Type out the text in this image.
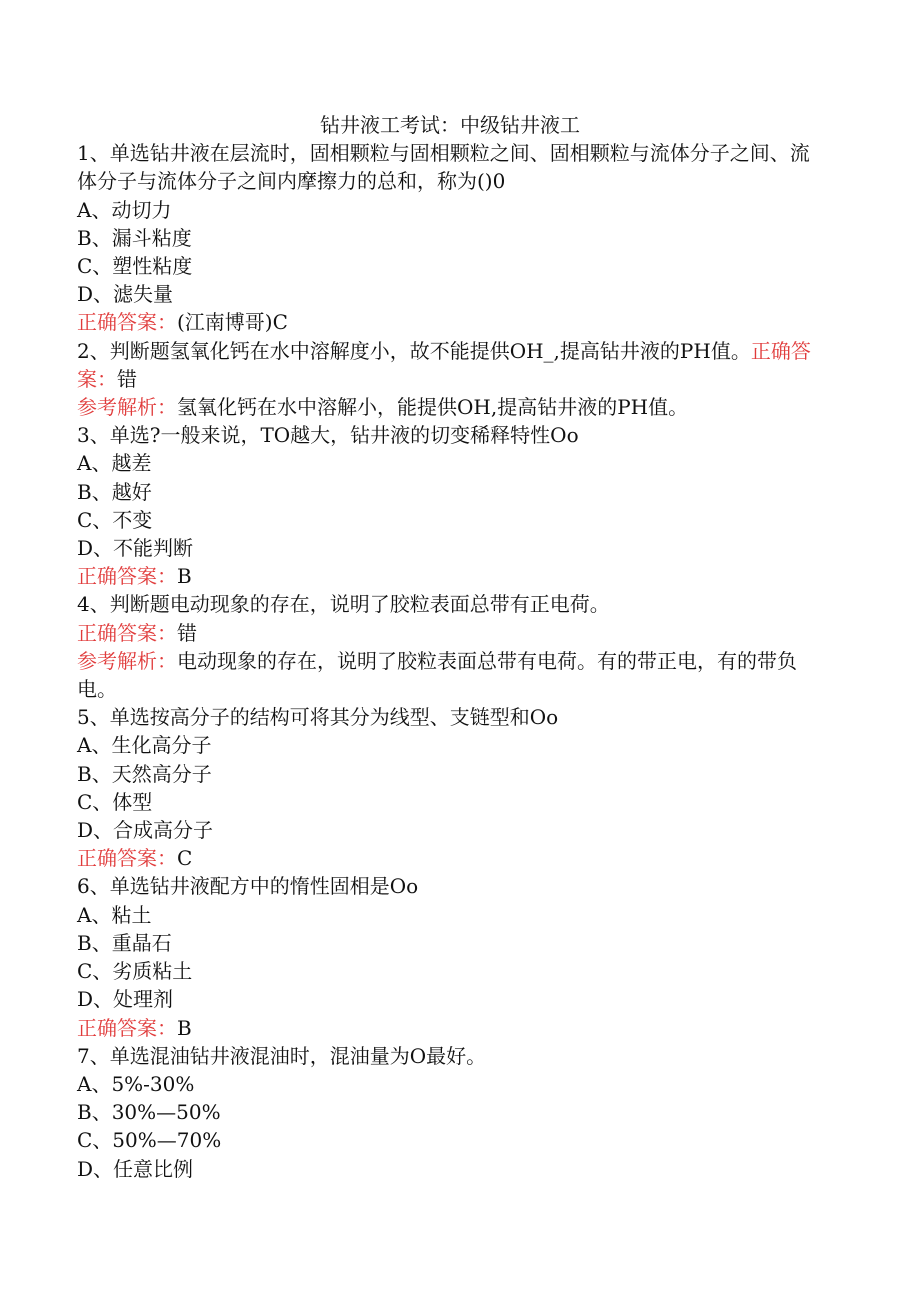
钻井液工考试：中级钻井液工

1、单选钻井液在层流时，固相颗粒与固相颗粒之间、固相颗粒与流体分子之间、流体分子与流体分子之间内摩擦力的总和，称为()0

A、动切力

B、漏斗粘度

C、塑性粘度

D、滤失量

正确答案：(江南博哥)C

2、判断题氢氧化钙在水中溶解度小，故不能提供OH_,提高钻井液的PH值。正确答案：错

参考解析：氢氧化钙在水中溶解小，能提供OH,提高钻井液的PH值。

3、单选?一般来说，TO越大，钻井液的切变稀释特性Oo

A、越差

B、越好

C、不变

D、不能判断

正确答案：B

4、判断题电动现象的存在，说明了胶粒表面总带有正电荷。

正确答案：错

参考解析：电动现象的存在，说明了胶粒表面总带有电荷。有的带正电，有的带负电。

5、单选按高分子的结构可将其分为线型、支链型和Oo

A、生化高分子

B、天然高分子

C、体型

D、合成高分子

正确答案：C

6、单选钻井液配方中的惰性固相是Oo

A、粘土

B、重晶石

C、劣质粘土

D、处理剂

正确答案：B

7、单选混油钻井液混油时，混油量为O最好。

A、5%-30%

B、30%—50%

C、50%—70%

D、任意比例
